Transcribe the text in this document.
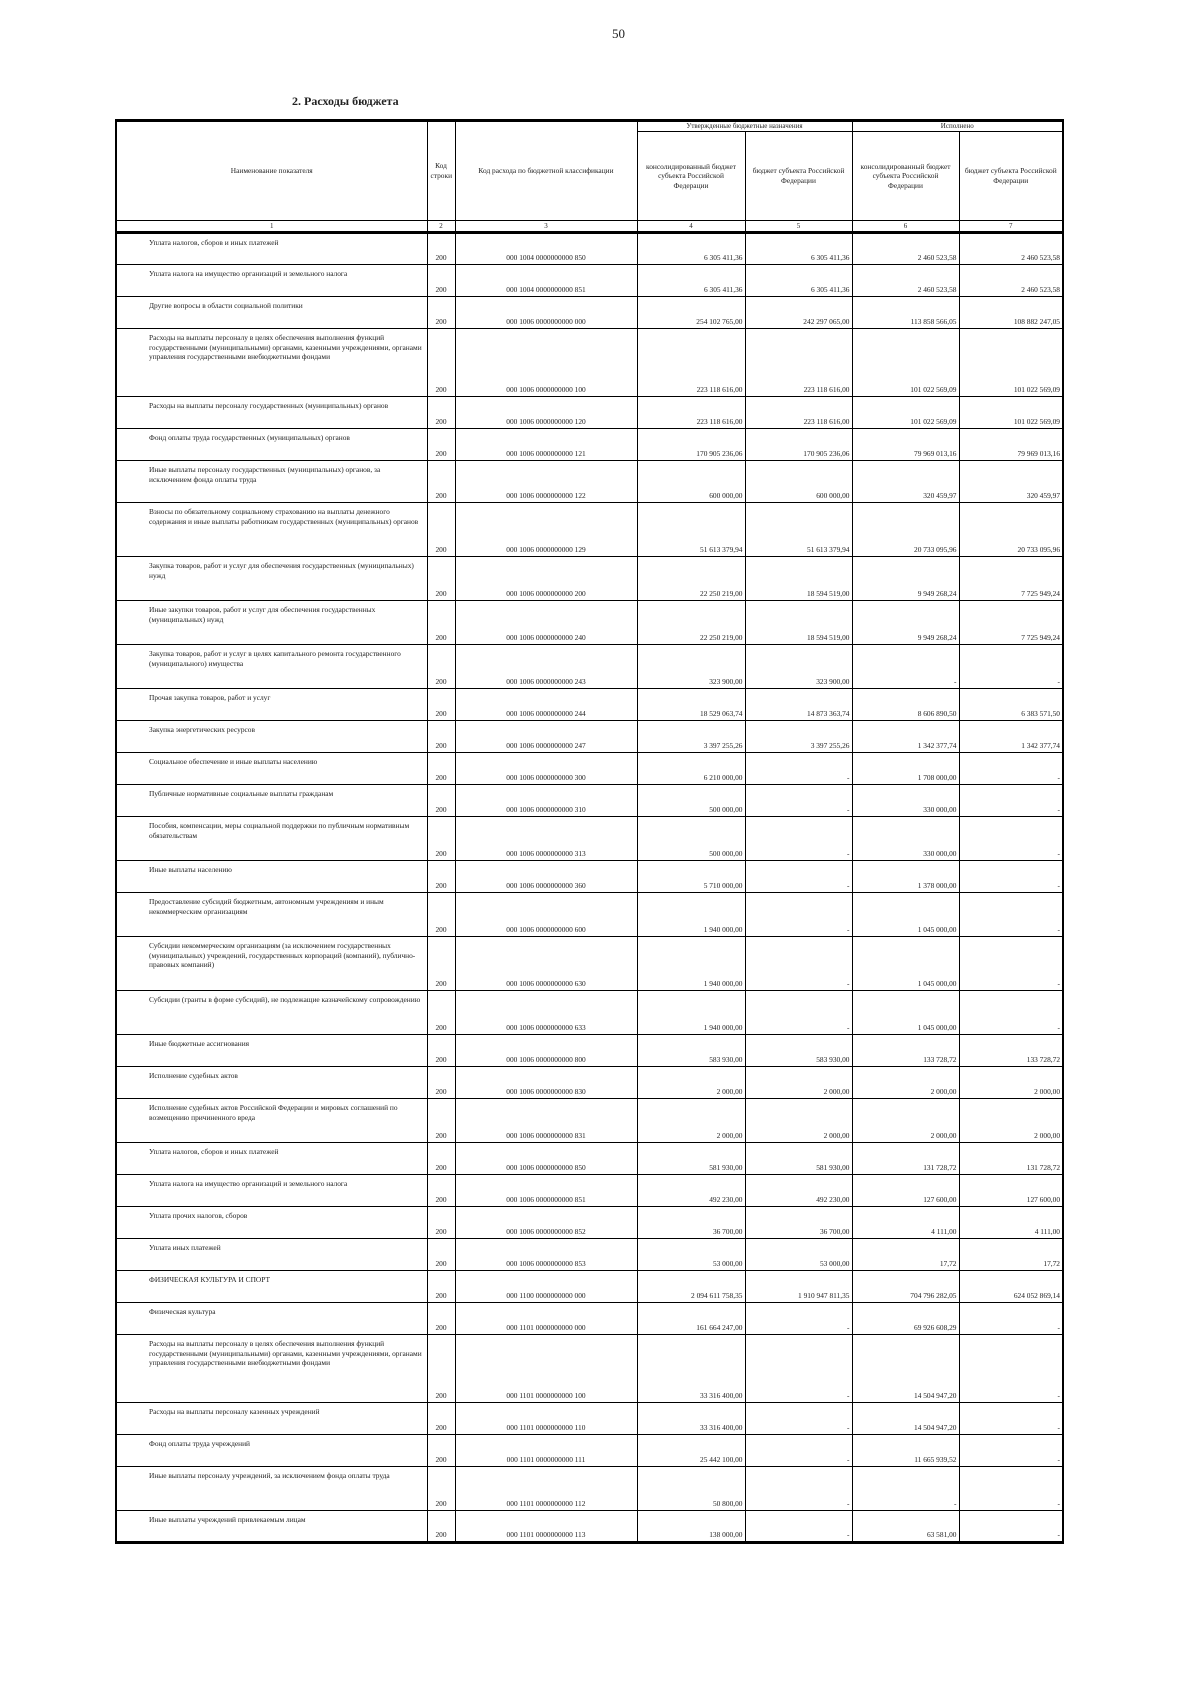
50
2. Расходы бюджета
Наименование показателя	Код строки	Код расхода по бюджетной классификации	Утвержденные бюджетные назначения		Исполнено	
			консолидированный бюджет субъекта Российской Федерации	бюджет субъекта Российской Федерации	консолидированный бюджет субъекта Российской Федерации	бюджет субъекта Российской Федерации
1	2	3	4	5	6	7
Уплата налогов, сборов и иных платежей	200	000 1004 0000000000 850	6 305 411,36	6 305 411,36	2 460 523,58	2 460 523,58
Уплата налога на имущество организаций и земельного налога	200	000 1004 0000000000 851	6 305 411,36	6 305 411,36	2 460 523,58	2 460 523,58
Другие вопросы в области социальной политики	200	000 1006 0000000000 000	254 102 765,00	242 297 065,00	113 858 566,05	108 882 247,05
Расходы на выплаты персоналу в целях обеспечения выполнения функций государственными (муниципальными) органами, казенными учреждениями, органами управления государственными внебюджетными фондами	200	000 1006 0000000000 100	223 118 616,00	223 118 616,00	101 022 569,09	101 022 569,09
Расходы на выплаты персоналу государственных (муниципальных) органов	200	000 1006 0000000000 120	223 118 616,00	223 118 616,00	101 022 569,09	101 022 569,09
Фонд оплаты труда государственных (муниципальных) органов	200	000 1006 0000000000 121	170 905 236,06	170 905 236,06	79 969 013,16	79 969 013,16
Иные выплаты персоналу государственных (муниципальных) органов, за исключением фонда оплаты труда	200	000 1006 0000000000 122	600 000,00	600 000,00	320 459,97	320 459,97
Взносы по обязательному социальному страхованию на выплаты денежного содержания и иные выплаты работникам государственных (муниципальных) органов	200	000 1006 0000000000 129	51 613 379,94	51 613 379,94	20 733 095,96	20 733 095,96
Закупка товаров, работ и услуг для обеспечения государственных (муниципальных) нужд	200	000 1006 0000000000 200	22 250 219,00	18 594 519,00	9 949 268,24	7 725 949,24
Иные закупки товаров, работ и услуг для обеспечения государственных (муниципальных) нужд	200	000 1006 0000000000 240	22 250 219,00	18 594 519,00	9 949 268,24	7 725 949,24
Закупка товаров, работ и услуг в целях капитального ремонта государственного (муниципального) имущества	200	000 1006 0000000000 243	323 900,00	323 900,00	-	-
Прочая закупка товаров, работ и услуг	200	000 1006 0000000000 244	18 529 063,74	14 873 363,74	8 606 890,50	6 383 571,50
Закупка энергетических ресурсов	200	000 1006 0000000000 247	3 397 255,26	3 397 255,26	1 342 377,74	1 342 377,74
Социальное обеспечение и иные выплаты населению	200	000 1006 0000000000 300	6 210 000,00	-	1 708 000,00	-
Публичные нормативные социальные выплаты гражданам	200	000 1006 0000000000 310	500 000,00	-	330 000,00	-
Пособия, компенсации, меры социальной поддержки по публичным нормативным обязательствам	200	000 1006 0000000000 313	500 000,00	-	330 000,00	-
Иные выплаты населению	200	000 1006 0000000000 360	5 710 000,00	-	1 378 000,00	-
Предоставление субсидий бюджетным, автономным учреждениям и иным некоммерческим организациям	200	000 1006 0000000000 600	1 940 000,00	-	1 045 000,00	-
Субсидии некоммерческим организациям (за исключением государственных (муниципальных) учреждений, государственных корпораций (компаний), публично-правовых компаний)	200	000 1006 0000000000 630	1 940 000,00	-	1 045 000,00	-
Субсидии (гранты в форме субсидий), не подлежащие казначейскому сопровождению	200	000 1006 0000000000 633	1 940 000,00	-	1 045 000,00	-
Иные бюджетные ассигнования	200	000 1006 0000000000 800	583 930,00	583 930,00	133 728,72	133 728,72
Исполнение судебных актов	200	000 1006 0000000000 830	2 000,00	2 000,00	2 000,00	2 000,00
Исполнение судебных актов Российской Федерации и мировых соглашений по возмещению причиненного вреда	200	000 1006 0000000000 831	2 000,00	2 000,00	2 000,00	2 000,00
Уплата налогов, сборов и иных платежей	200	000 1006 0000000000 850	581 930,00	581 930,00	131 728,72	131 728,72
Уплата налога на имущество организаций и земельного налога	200	000 1006 0000000000 851	492 230,00	492 230,00	127 600,00	127 600,00
Уплата прочих налогов, сборов	200	000 1006 0000000000 852	36 700,00	36 700,00	4 111,00	4 111,00
Уплата иных платежей	200	000 1006 0000000000 853	53 000,00	53 000,00	17,72	17,72
ФИЗИЧЕСКАЯ КУЛЬТУРА И СПОРТ	200	000 1100 0000000000 000	2 094 611 758,35	1 910 947 811,35	704 796 282,05	624 052 869,14
Физическая культура	200	000 1101 0000000000 000	161 664 247,00	-	69 926 608,29	-
Расходы на выплаты персоналу в целях обеспечения выполнения функций государственными (муниципальными) органами, казенными учреждениями, органами управления государственными внебюджетными фондами	200	000 1101 0000000000 100	33 316 400,00	-	14 504 947,20	-
Расходы на выплаты персоналу казенных учреждений	200	000 1101 0000000000 110	33 316 400,00	-	14 504 947,20	-
Фонд оплаты труда учреждений	200	000 1101 0000000000 111	25 442 100,00	-	11 665 939,52	-
Иные выплаты персоналу учреждений, за исключением фонда оплаты труда	200	000 1101 0000000000 112	50 800,00	-	-	-
Иные выплаты учреждений привлекаемым лицам	200	000 1101 0000000000 113	138 000,00	-	63 581,00	-
